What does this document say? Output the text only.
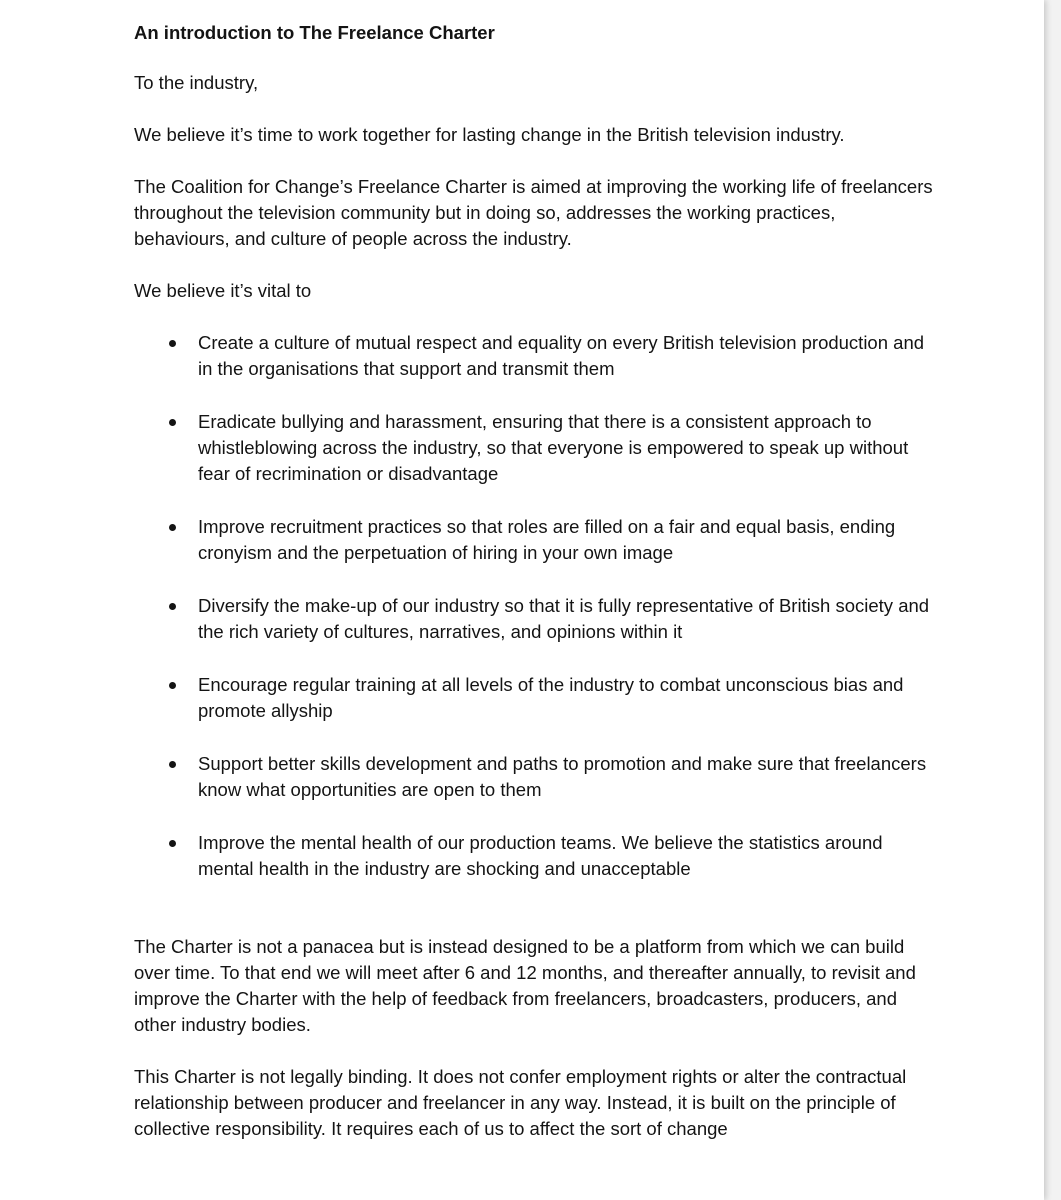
An introduction to The Freelance Charter

To the industry,

We believe it’s time to work together for lasting change in the British television industry.

The Coalition for Change’s Freelance Charter is aimed at improving the working life of freelancers throughout the television community but in doing so, addresses the working practices, behaviours, and culture of people across the industry.

We believe it’s vital to

Create a culture of mutual respect and equality on every British television production and in the organisations that support and transmit them
Eradicate bullying and harassment, ensuring that there is a consistent approach to whistleblowing across the industry, so that everyone is empowered to speak up without fear of recrimination or disadvantage
Improve recruitment practices so that roles are filled on a fair and equal basis, ending cronyism and the perpetuation of hiring in your own image
Diversify the make-up of our industry so that it is fully representative of British society and the rich variety of cultures, narratives, and opinions within it
Encourage regular training at all levels of the industry to combat unconscious bias and promote allyship
Support better skills development and paths to promotion and make sure that freelancers know what opportunities are open to them
Improve the mental health of our production teams. We believe the statistics around mental health in the industry are shocking and unacceptable

The Charter is not a panacea but is instead designed to be a platform from which we can build over time. To that end we will meet after 6 and 12 months, and thereafter annually, to revisit and improve the Charter with the help of feedback from freelancers, broadcasters, producers, and other industry bodies.

This Charter is not legally binding. It does not confer employment rights or alter the contractual relationship between producer and freelancer in any way. Instead, it is built on the principle of collective responsibility. It requires each of us to affect the sort of change
